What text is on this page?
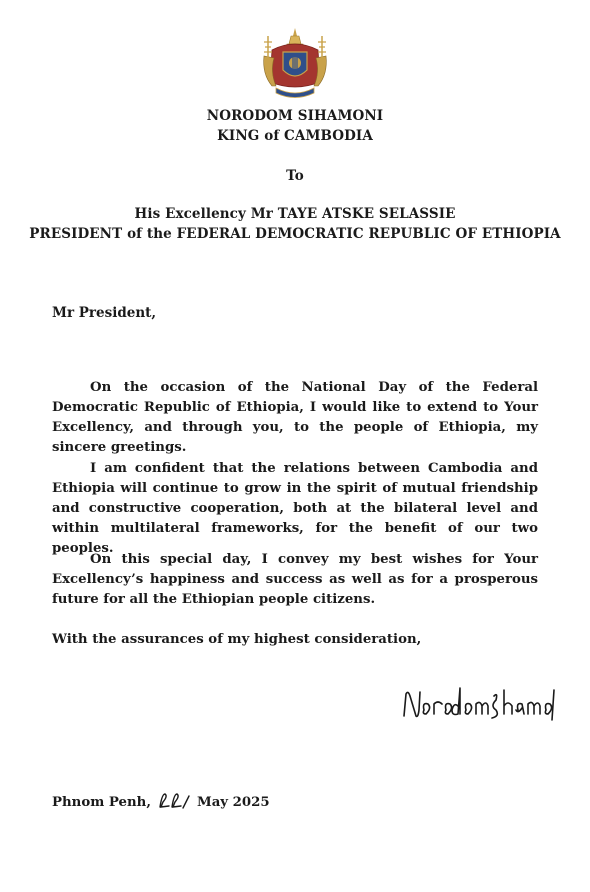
NORODOM SIHAMONI
KING of CAMBODIA
To
His Excellency Mr TAYE ATSKE SELASSIE
PRESIDENT of the FEDERAL DEMOCRATIC REPUBLIC OF ETHIOPIA
Mr President,

On the occasion of the National Day of the Federal Democratic Republic of Ethiopia, I would like to extend to Your Excellency, and through you, to the people of Ethiopia, my sincere greetings.

I am confident that the relations between Cambodia and Ethiopia will continue to grow in the spirit of mutual friendship and constructive cooperation, both at the bilateral level and within multilateral frameworks, for the benefit of our two peoples.

On this special day, I convey my best wishes for Your Excellency’s happiness and success as well as for a prosperous future for all the Ethiopian people citizens.

With the assurances of my highest consideration,
Phnom Penh,	May 2025
